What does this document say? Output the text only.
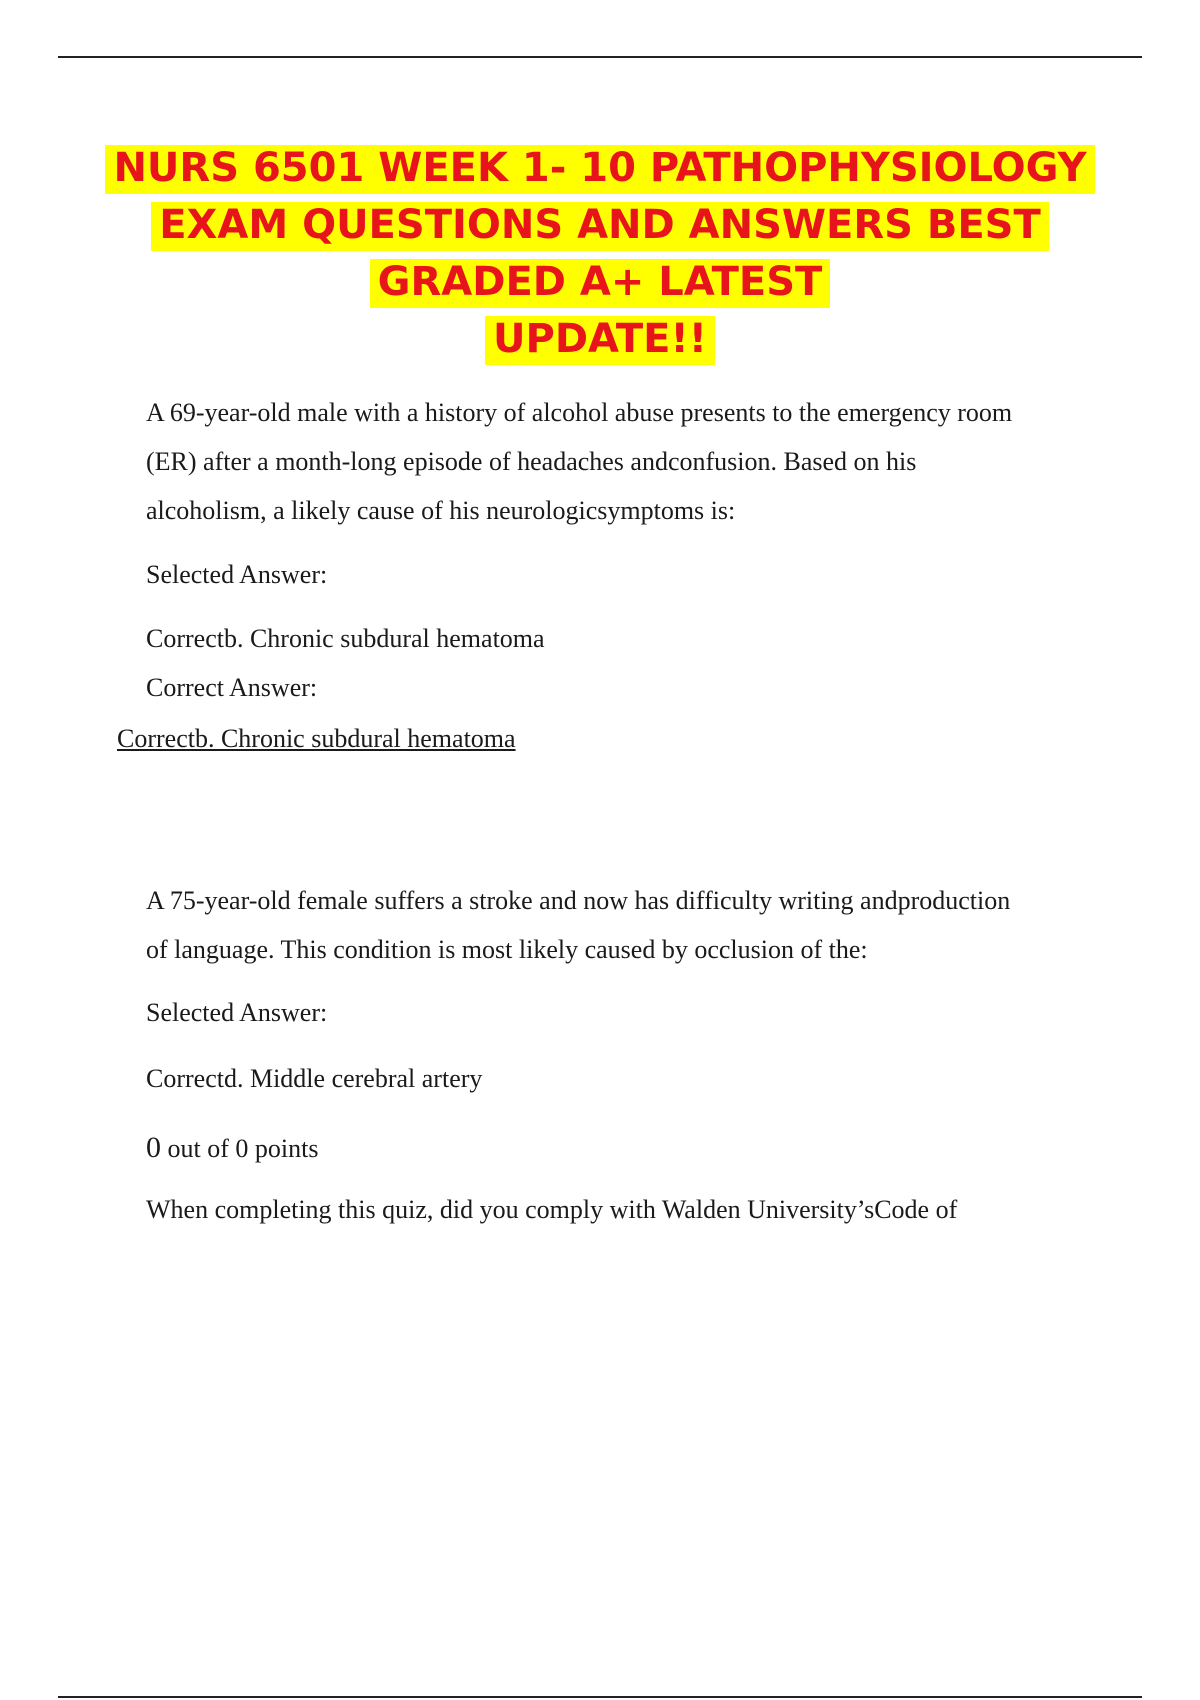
NURS 6501 WEEK 1- 10 PATHOPHYSIOLOGY
EXAM QUESTIONS AND ANSWERS BEST
GRADED A+ LATEST
UPDATE!!
A 69-year-old male with a history of alcohol abuse presents to the emergency room
(ER) after a month-long episode of headaches andconfusion. Based on his
alcoholism, a likely cause of his neurologicsymptoms is:
Selected Answer:
Correctb. Chronic subdural hematoma
Correct Answer:
Correctb. Chronic subdural hematoma
A 75-year-old female suffers a stroke and now has difficulty writing andproduction
of language. This condition is most likely caused by occlusion of the:
Selected Answer:
Correctd. Middle cerebral artery
0 out of 0 points
When completing this quiz, did you comply with Walden University’sCode of
